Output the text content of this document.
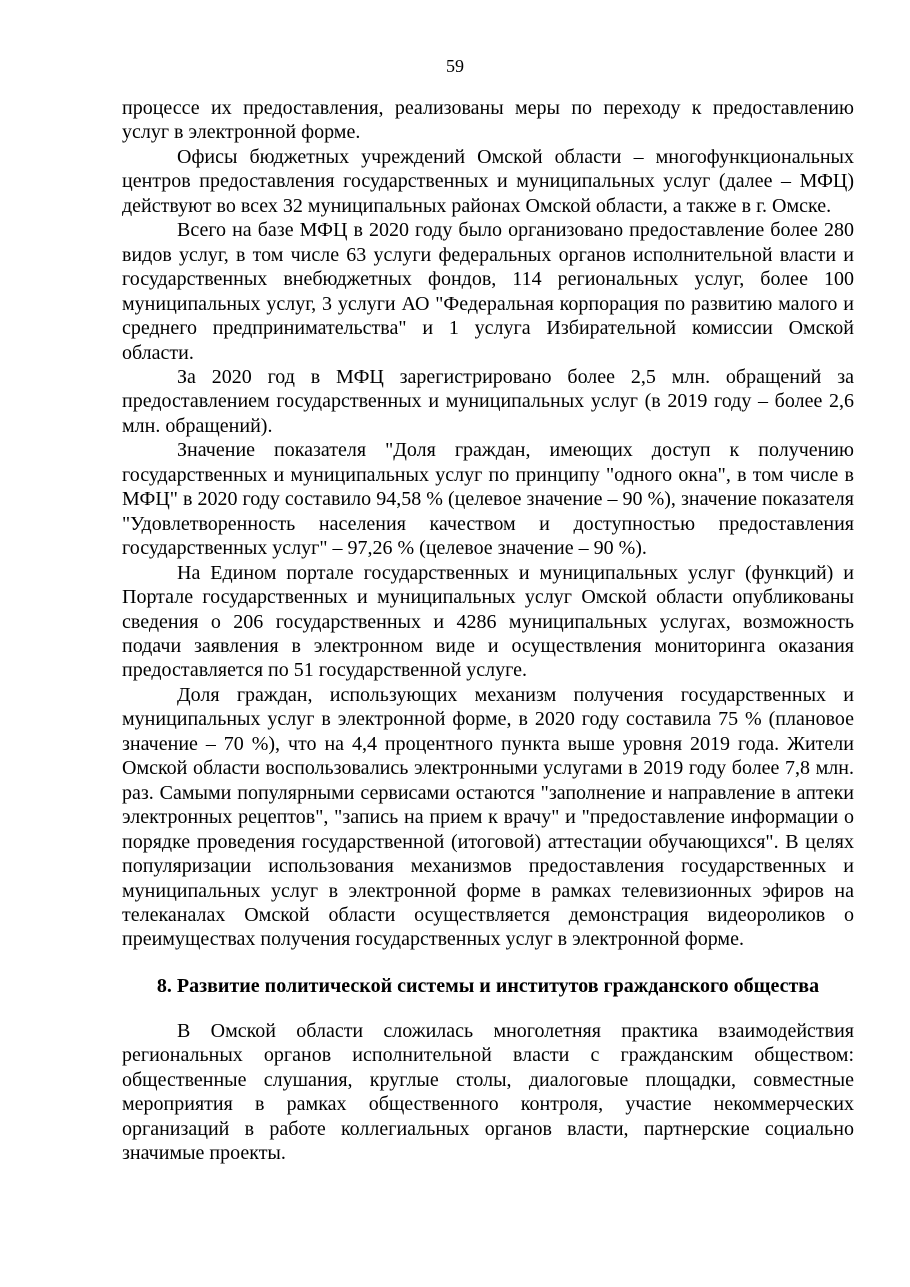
59

процессе их предоставления, реализованы меры по переходу к предоставлению услуг в электронной форме.

Офисы бюджетных учреждений Омской области – многофункциональных центров предоставления государственных и муниципальных услуг (далее – МФЦ) действуют во всех 32 муниципальных районах Омской области, а также в г. Омске.

Всего на базе МФЦ в 2020 году было организовано предоставление более 280 видов услуг, в том числе 63 услуги федеральных органов исполнительной власти и государственных внебюджетных фондов, 114 региональных услуг, более 100 муниципальных услуг, 3 услуги АО "Федеральная корпорация по развитию малого и среднего предпринимательства" и 1 услуга Избирательной комиссии Омской области.

За 2020 год в МФЦ зарегистрировано более 2,5 млн. обращений за предоставлением государственных и муниципальных услуг (в 2019 году – более 2,6 млн. обращений).

Значение показателя "Доля граждан, имеющих доступ к получению государственных и муниципальных услуг по принципу "одного окна", в том числе в МФЦ" в 2020 году составило 94,58 % (целевое значение – 90 %), значение показателя "Удовлетворенность населения качеством и доступностью предоставления государственных услуг" – 97,26 % (целевое значение – 90 %).

На Едином портале государственных и муниципальных услуг (функций) и Портале государственных и муниципальных услуг Омской области опубликованы сведения о 206 государственных и 4286 муниципальных услугах, возможность подачи заявления в электронном виде и осуществления мониторинга оказания предоставляется по 51 государственной услуге.

Доля граждан, использующих механизм получения государственных и муниципальных услуг в электронной форме, в 2020 году составила 75 % (плановое значение – 70 %), что на 4,4 процентного пункта выше уровня 2019 года. Жители Омской области воспользовались электронными услугами в 2019 году более 7,8 млн. раз. Самыми популярными сервисами остаются "заполнение и направление в аптеки электронных рецептов", "запись на прием к врачу" и "предоставление информации о порядке проведения государственной (итоговой) аттестации обучающихся". В целях популяризации использования механизмов предоставления государственных и муниципальных услуг в электронной форме в рамках телевизионных эфиров на телеканалах Омской области осуществляется демонстрация видеороликов о преимуществах получения государственных услуг в электронной форме.

8. Развитие политической системы и институтов гражданского общества

В Омской области сложилась многолетняя практика взаимодействия региональных органов исполнительной власти с гражданским обществом: общественные слушания, круглые столы, диалоговые площадки, совместные мероприятия в рамках общественного контроля, участие некоммерческих организаций в работе коллегиальных органов власти, партнерские социально значимые проекты.
